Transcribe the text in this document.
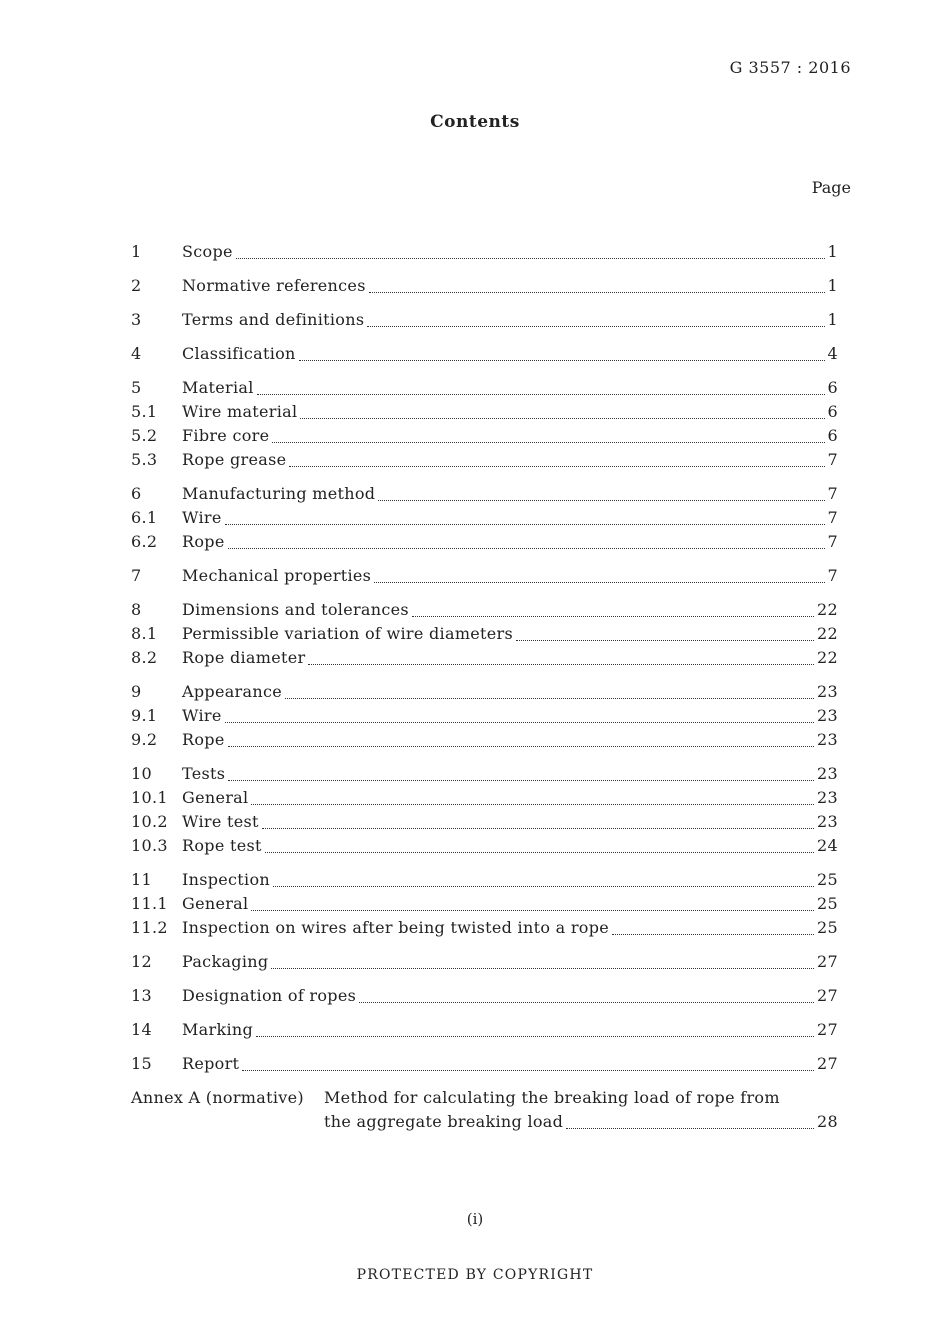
G 3557 : 2016
Contents
Page
1	Scope	1
2	Normative references	1
3	Terms and definitions	1
4	Classification	4
5	Material	6
5.1	Wire material	6
5.2	Fibre core	6
5.3	Rope grease	7
6	Manufacturing method	7
6.1	Wire	7
6.2	Rope	7
7	Mechanical properties	7
8	Dimensions and tolerances	22
8.1	Permissible variation of wire diameters	22
8.2	Rope diameter	22
9	Appearance	23
9.1	Wire	23
9.2	Rope	23
10	Tests	23
10.1 General	23
10.2 Wire test	23
10.3 Rope test	24
11	Inspection	25
11.1 General	25
11.2 Inspection on wires after being twisted into a rope	25
12	Packaging	27
13	Designation of ropes	27
14	Marking	27
15	Report	27
Annex A (normative)	Method for calculating the breaking load of rope from
the aggregate breaking load	28
(i)
PROTECTED BY COPYRIGHT
